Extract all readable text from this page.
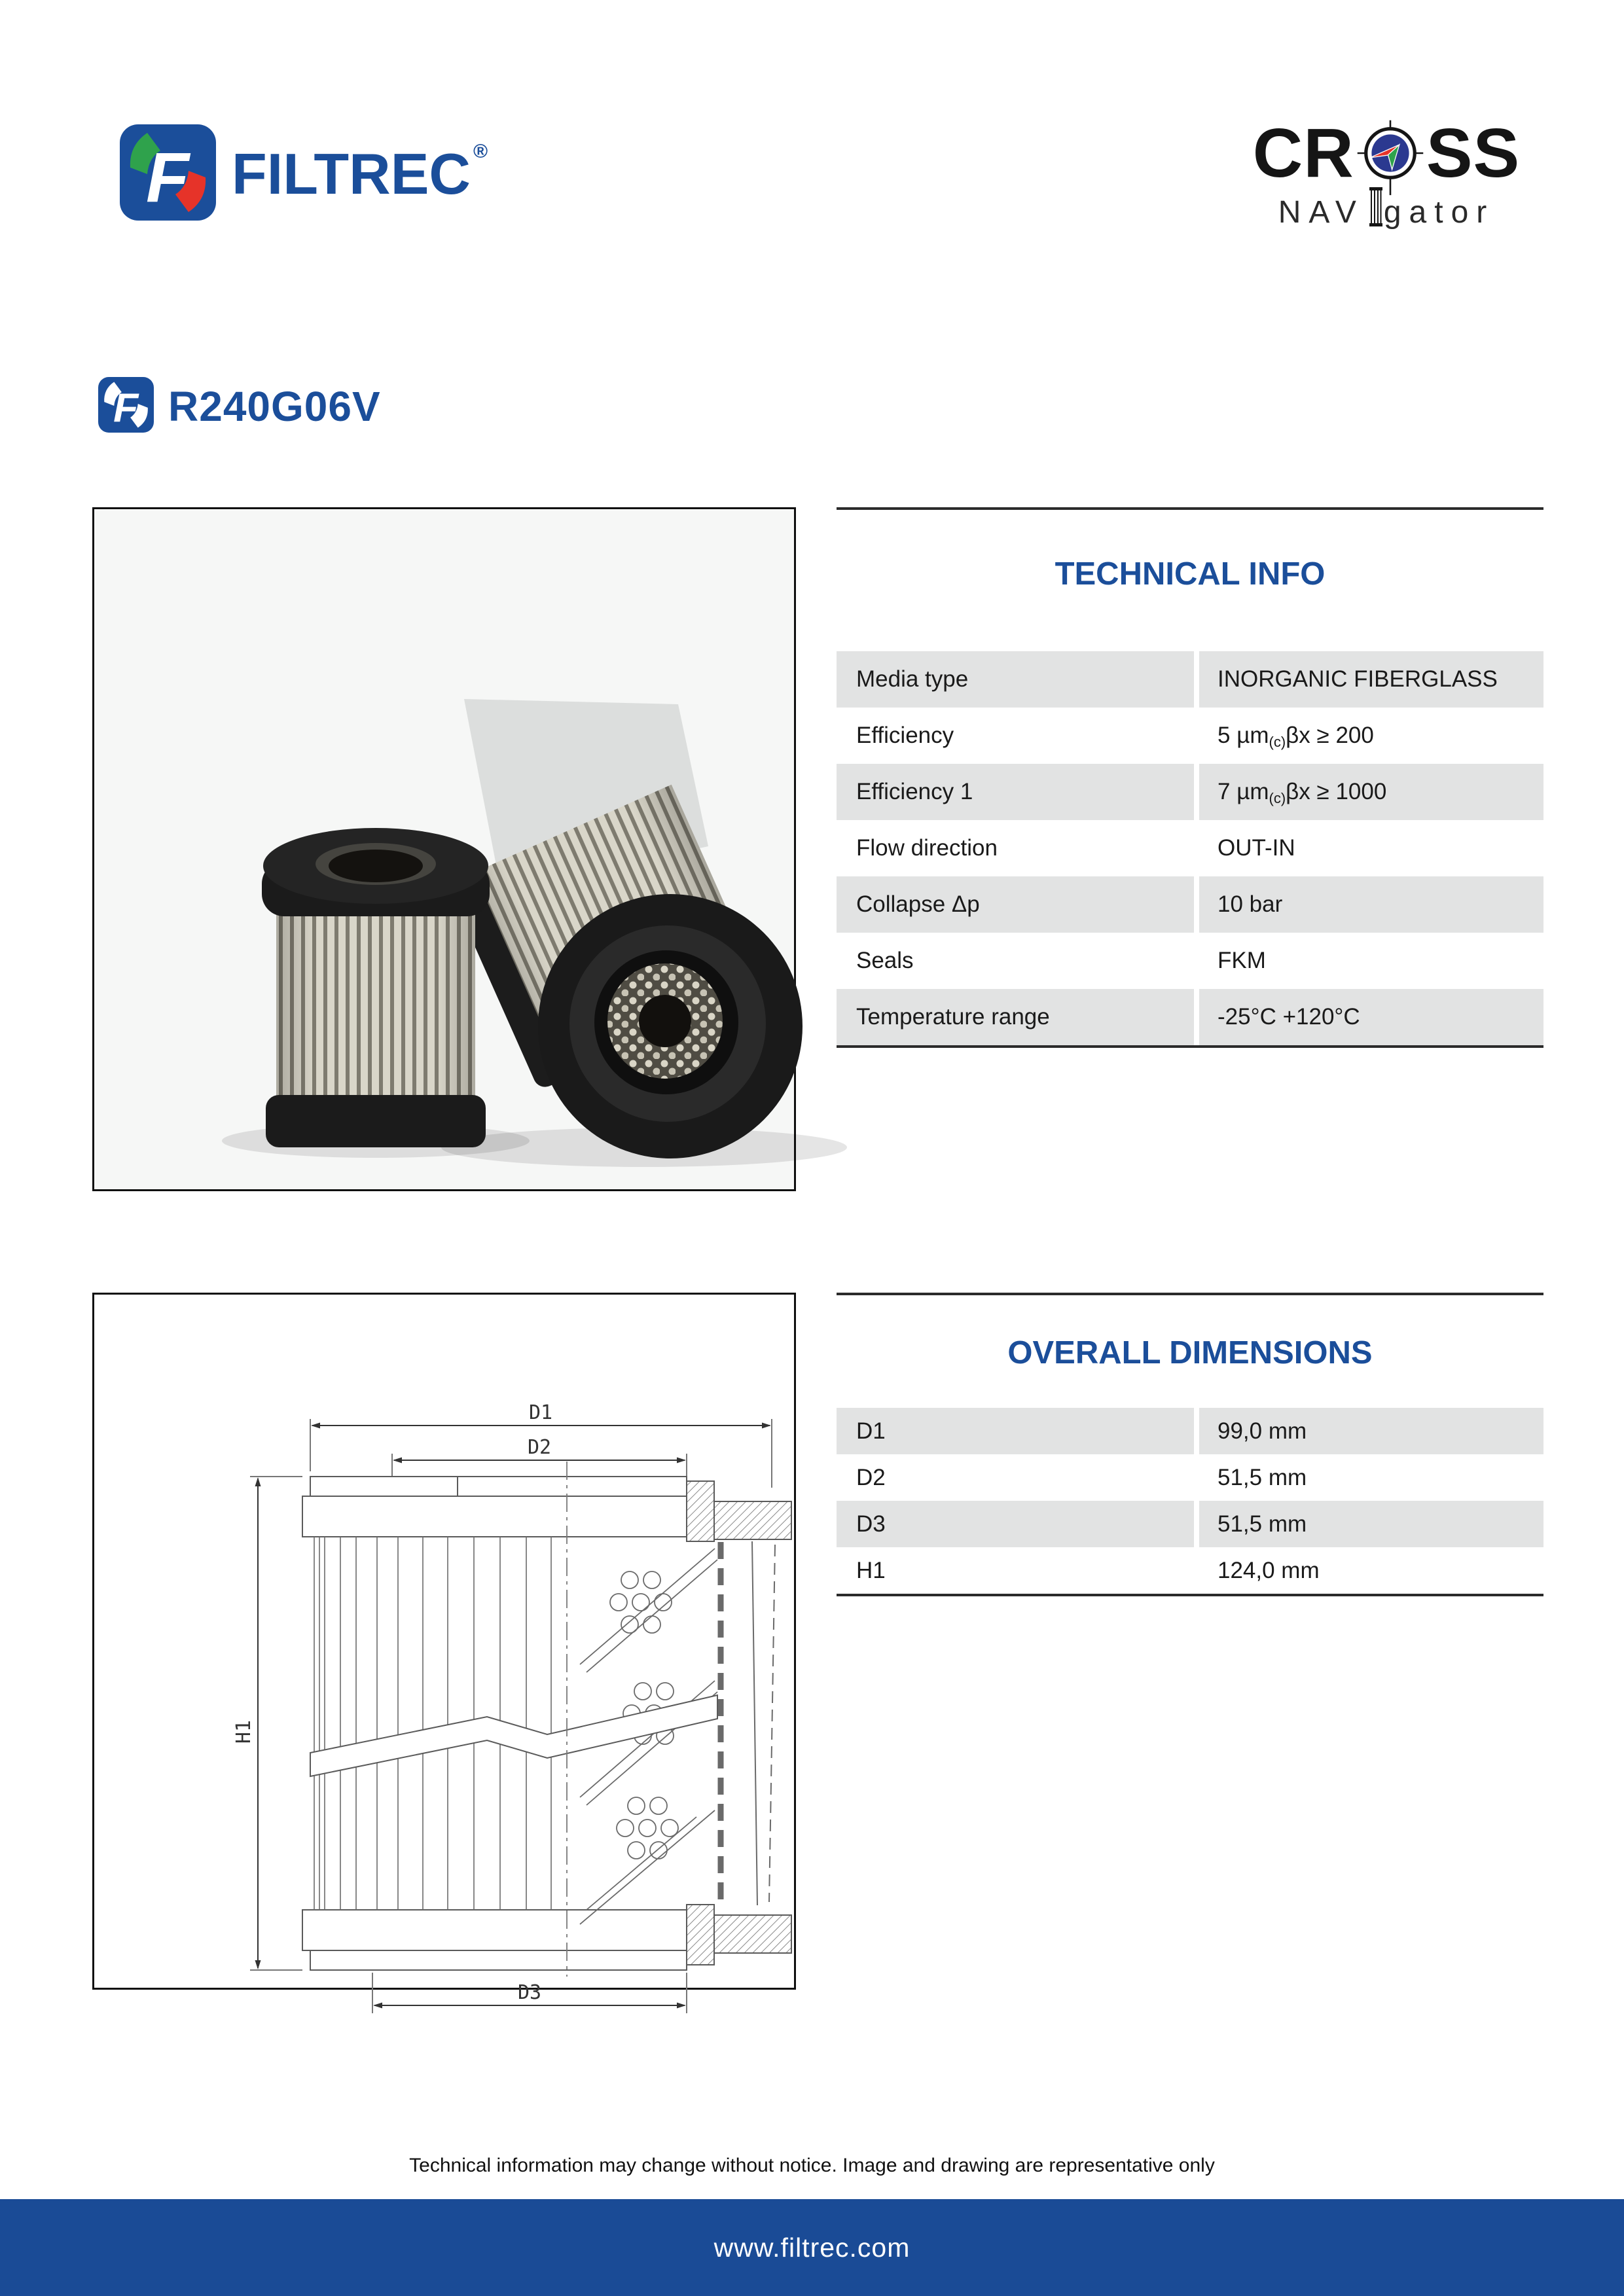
F FILTREC ®	CR SS
NAV gator
F R240G06V
TECHNICAL INFO
Media type	INORGANIC FIBERGLASS
Efficiency	5 µm$_{(c)}$ βx ≥ 200
Efficiency 1	7 µm$_{(c)}$ βx ≥ 1000
Flow direction	OUT-IN
Collapse Δp	10 bar
Seals	FKM
Temperature range	-25°C +120°C
D1
D2
H1
D3
OVERALL DIMENSIONS
D1	99,0 mm
D2	51,5 mm
D3	51,5 mm
H1	124,0 mm
Technical information may change without notice. Image and drawing are representative only
www.filtrec.com
